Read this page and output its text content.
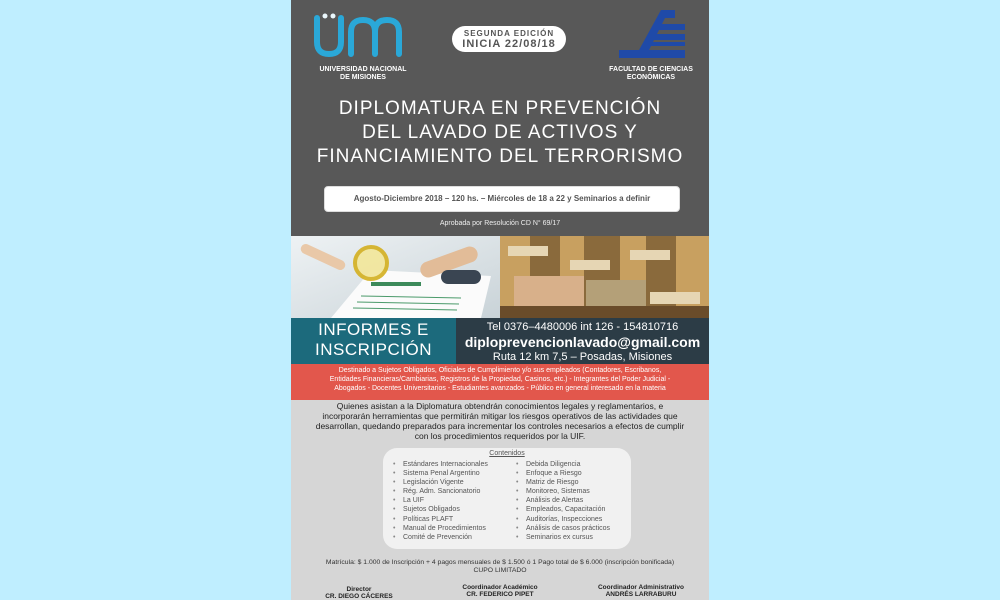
UNIVERSIDAD NACIONAL
DE MISIONES
SEGUNDA EDICIÓN
INICIA 22/08/18
FACULTAD DE CIENCIAS
ECONÓMICAS
DIPLOMATURA EN PREVENCIÓN
DEL LAVADO DE ACTIVOS Y
FINANCIAMIENTO DEL TERRORISMO
Agosto-Diciembre 2018 – 120 hs. – Miércoles de 18 a 22 y Seminarios a definir
Aprobada por Resolución CD N° 69/17
INFORMES E
INSCRIPCIÓN
Tel 0376–4480006 int 126 - 154810716
diploprevencionlavado@gmail.com
Ruta 12 km 7,5 – Posadas, Misiones
Destinado a Sujetos Obligados, Oficiales de Cumplimiento y/o sus empleados (Contadores, Escribanos,
Entidades Financieras/Cambiarias, Registros de la Propiedad, Casinos, etc.) - Integrantes del Poder Judicial -
Abogados - Docentes Universitarios - Estudiantes avanzados - Público en general interesado en la materia
Quienes asistan a la Diplomatura obtendrán conocimientos legales y reglamentarios, e
incorporarán herramientas que permitirán mitigar los riesgos operativos de las actividades que
desarrollan, quedando preparados para incrementar los controles necesarios a efectos de cumplir
con los procedimientos requeridos por la UIF.
Contenidos
• Estándares Internacionales
• Sistema Penal Argentino
• Legislación Vigente
• Rég. Adm. Sancionatorio
• La UIF
• Sujetos Obligados
• Políticas PLAFT
• Manual de Procedimientos
• Comité de Prevención
• Debida Diligencia
• Enfoque a Riesgo
• Matriz de Riesgo
• Monitoreo, Sistemas
• Análisis de Alertas
• Empleados, Capacitación
• Auditorías, Inspecciones
• Análisis de casos prácticos
• Seminarios ex cursus
Matrícula: $ 1.000 de Inscripción + 4 pagos mensuales de $ 1.500 ó 1 Pago total de $ 6.000 (inscripción bonificada)
CUPO LIMITADO
Director
CR. DIEGO CÁCERES
Coordinador Académico
CR. FEDERICO PIPET
Coordinador Administrativo
ANDRÉS LARRABURU
